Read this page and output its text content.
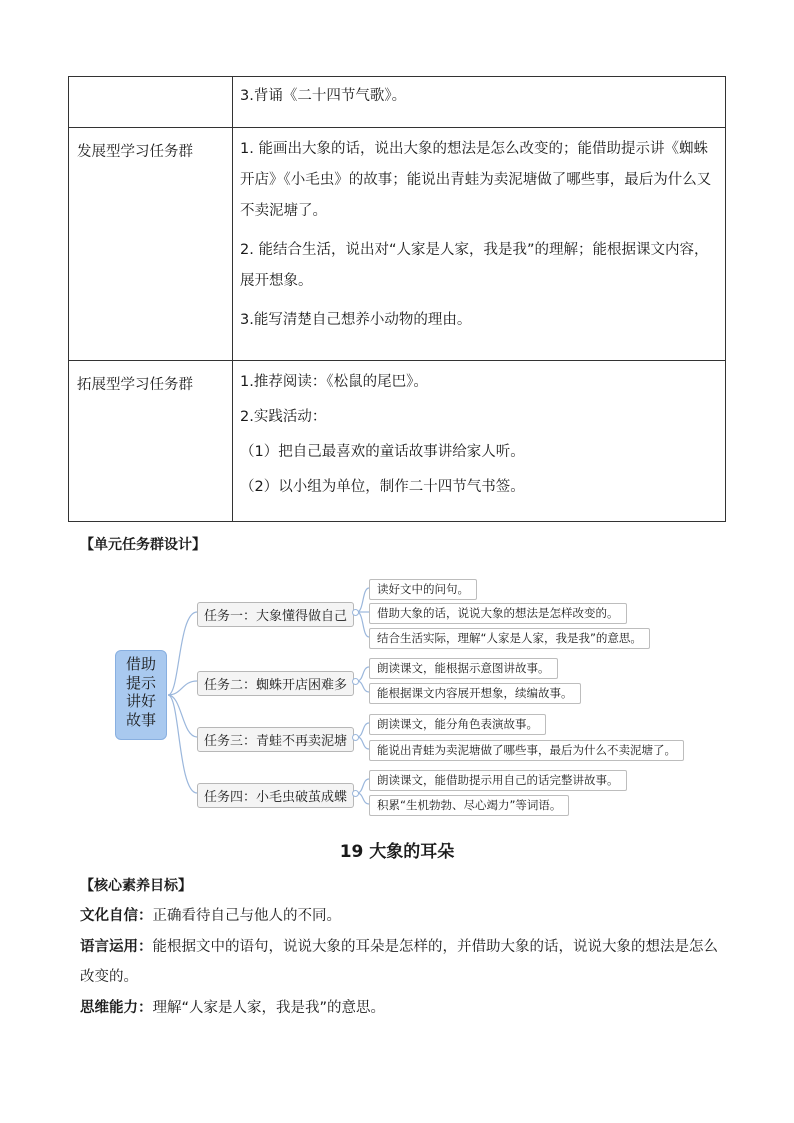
	3.背诵《二十四节气歌》。

发展型学习任务群	1. 能画出大象的话，说出大象的想法是怎么改变的；能借助提示讲《蜘蛛开店》《小毛虫》的故事；能说出青蛙为卖泥塘做了哪些事，最后为什么又不卖泥塘了。

2. 能结合生活，说出对“人家是人家，我是我”的理解；能根据课文内容，展开想象。

3.能写清楚自己想养小动物的理由。

拓展型学习任务群	1.推荐阅读：《松鼠的尾巴》。

2.实践活动：

（1）把自己最喜欢的童话故事讲给家人听。

（2）以小组为单位，制作二十四节气书签。

【单元任务群设计】
借助
提示
讲好
故事
任务一：大象懂得做自己
任务二：蜘蛛开店困难多
任务三：青蛙不再卖泥塘
任务四：小毛虫破茧成蝶
读好文中的问句。
借助大象的话，说说大象的想法是怎样改变的。
结合生活实际，理解“人家是人家，我是我”的意思。
朗读课文，能根据示意图讲故事。
能根据课文内容展开想象，续编故事。
朗读课文，能分角色表演故事。
能说出青蛙为卖泥塘做了哪些事，最后为什么不卖泥塘了。
朗读课文，能借助提示用自己的话完整讲故事。
积累“生机勃勃、尽心竭力”等词语。
19 大象的耳朵
【核心素养目标】
文化自信：正确看待自己与他人的不同。
语言运用：能根据文中的语句，说说大象的耳朵是怎样的，并借助大象的话，说说大象的想法是怎么改变的。
思维能力：理解“人家是人家，我是我”的意思。
